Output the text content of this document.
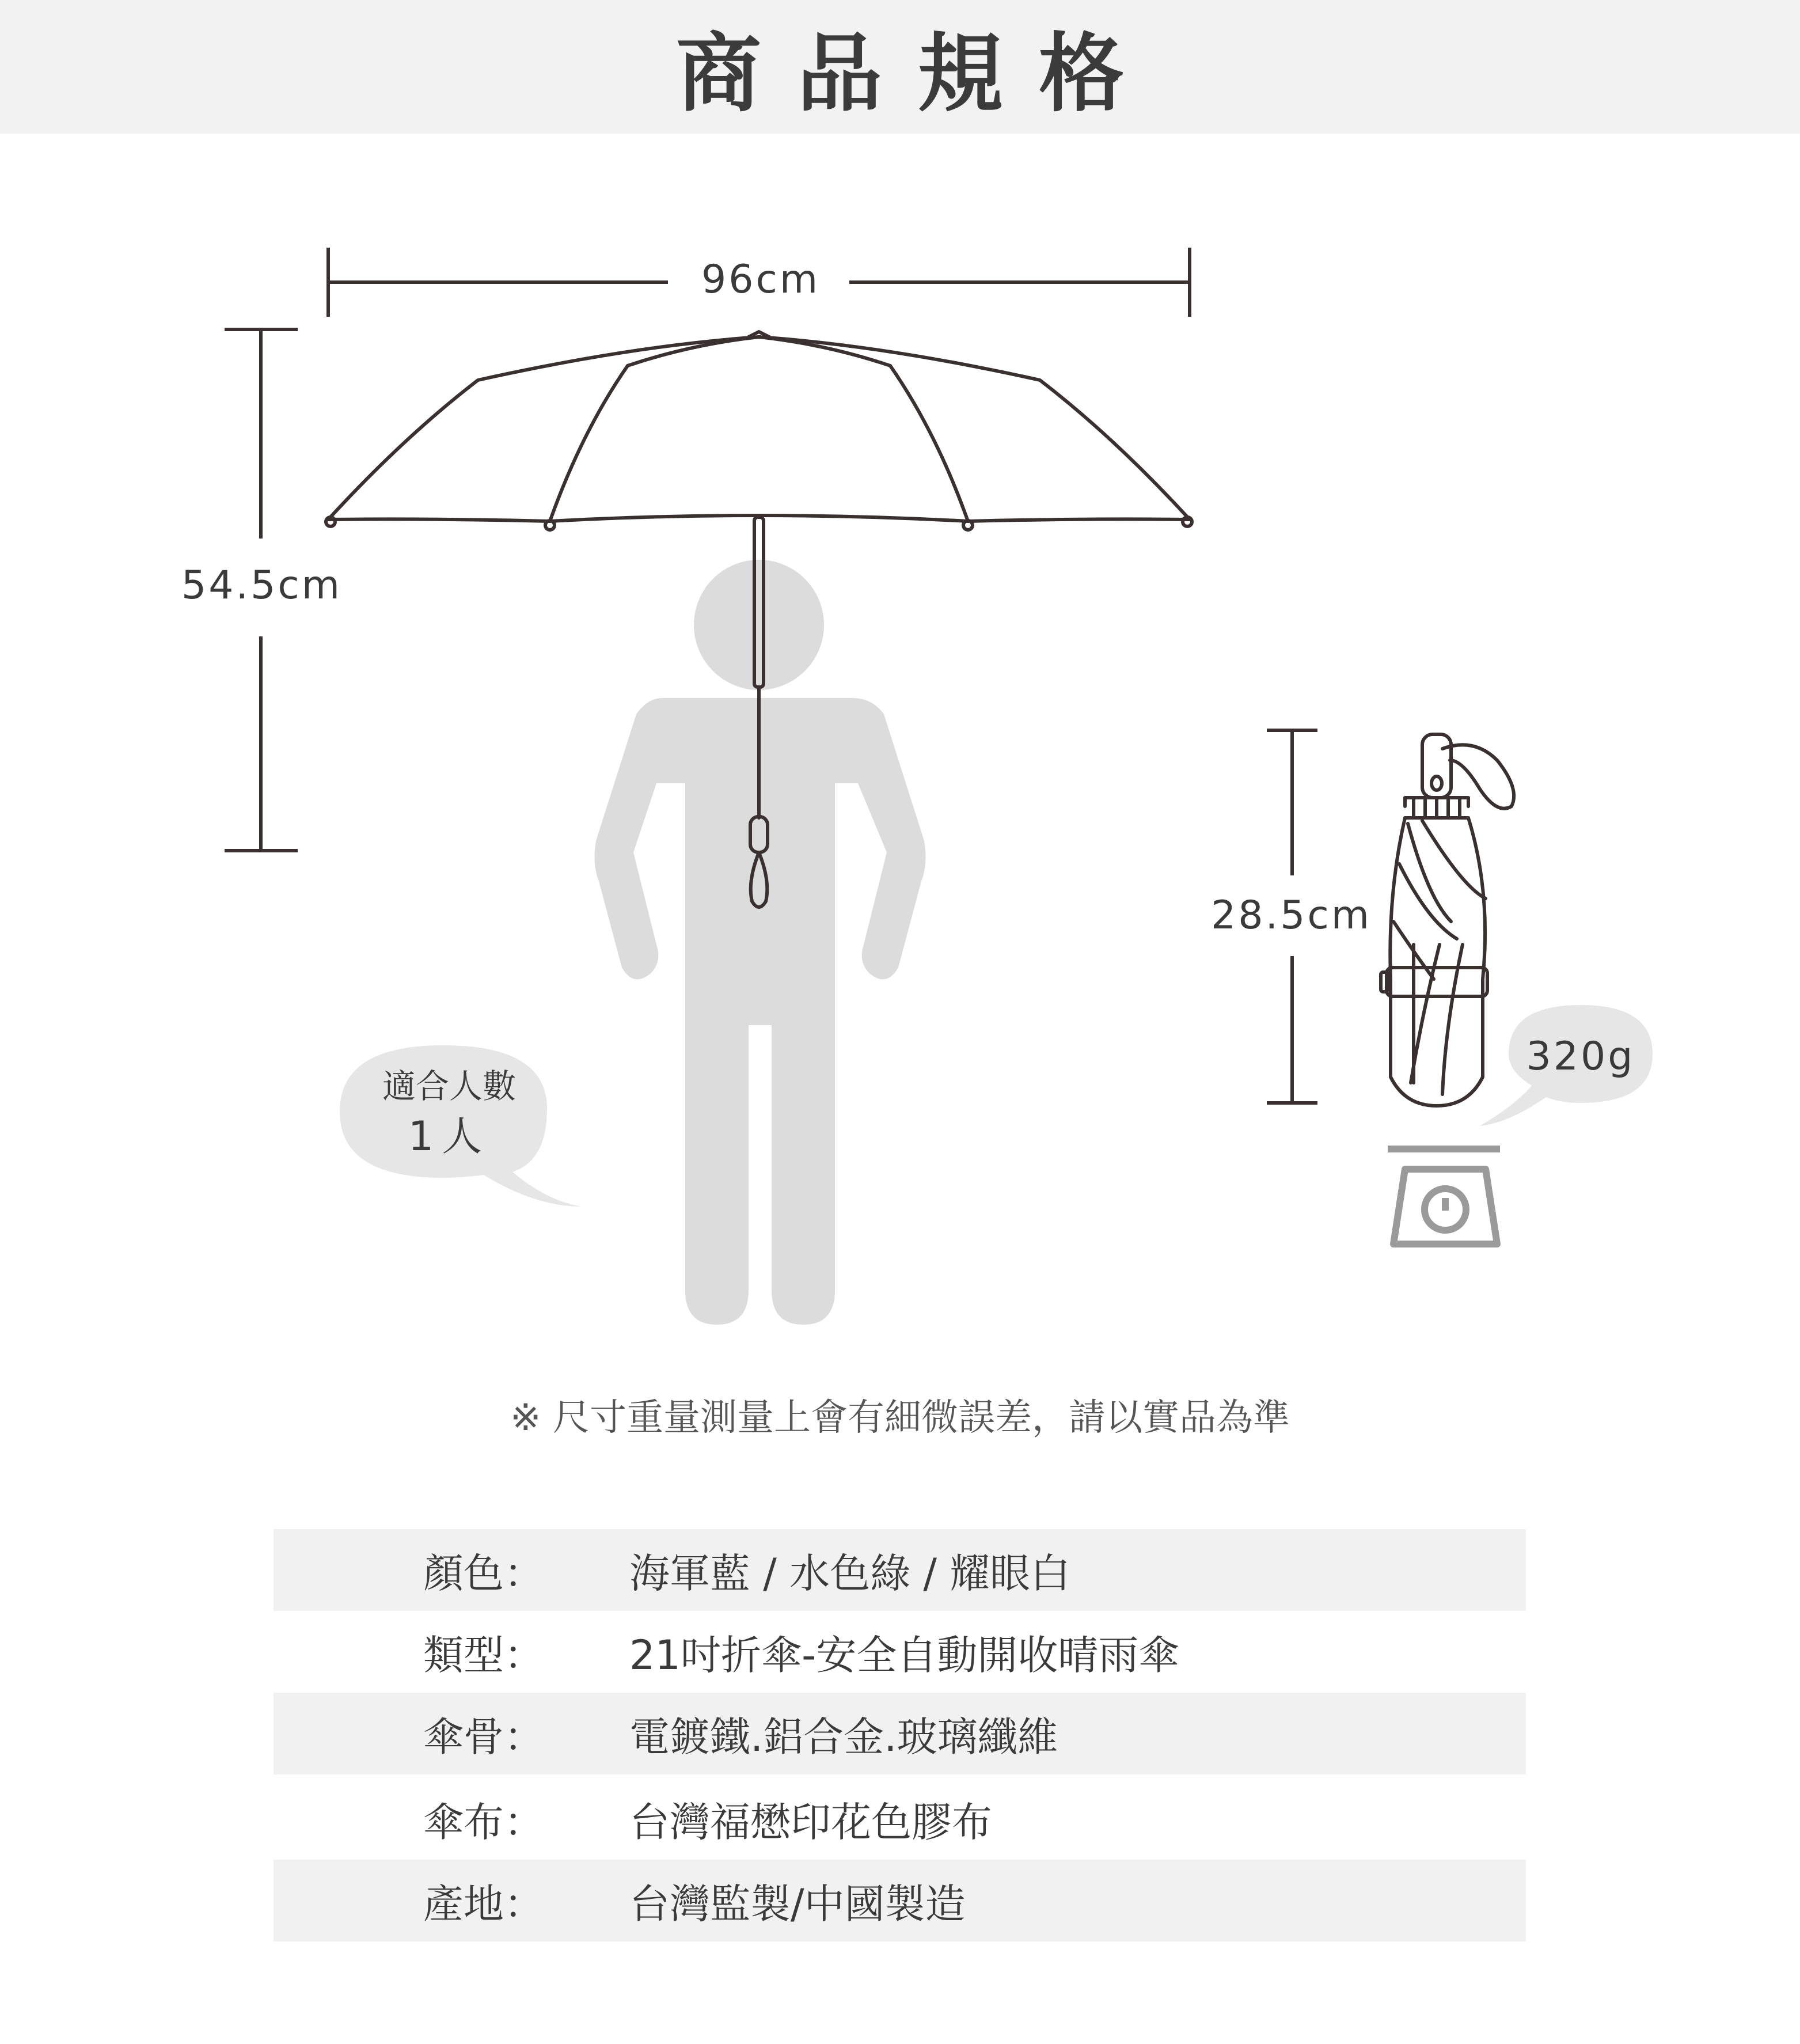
商品規格
96cm
54.5cm
28.5cm
320g
適合人數
1人
※ 尺寸重量測量上會有細微誤差，請以實品為準
顏色： 海軍藍 / 水色綠 / 耀眼白
類型： 21吋折傘-安全自動開收晴雨傘
傘骨： 電鍍鐵.鋁合金.玻璃纖維
傘布： 台灣福懋印花色膠布
產地： 台灣監製/中國製造
